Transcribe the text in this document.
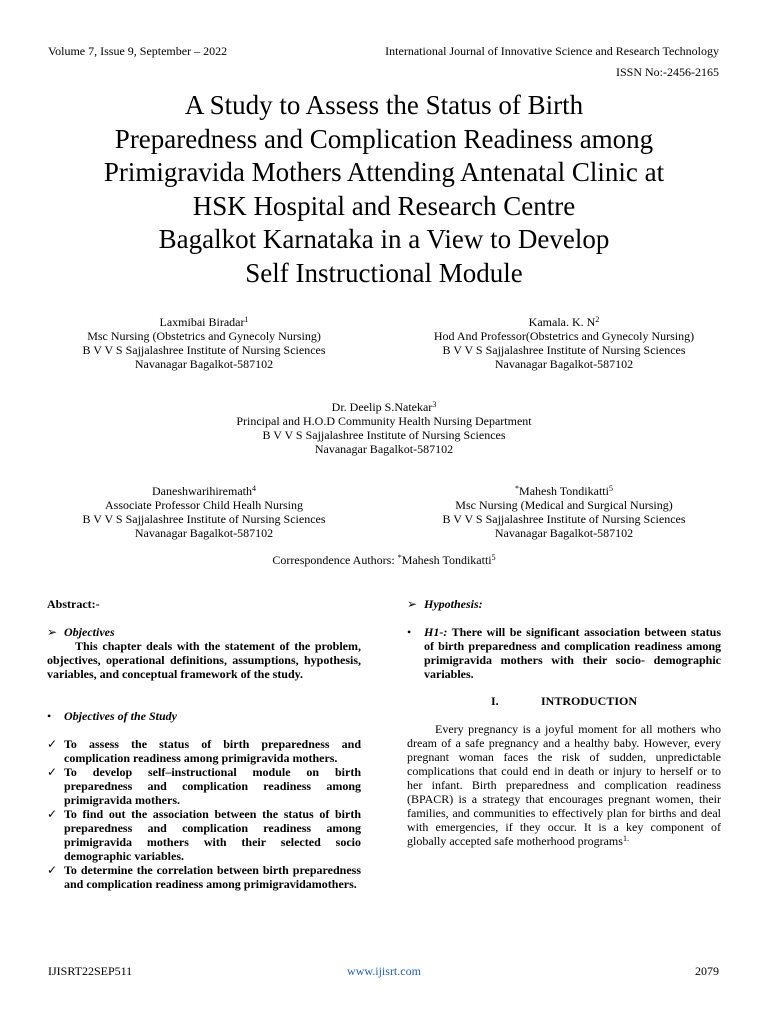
Volume 7, Issue 9, September – 2022	International Journal of Innovative Science and Research Technology
ISSN No:-2456-2165
A Study to Assess the Status of Birth
Preparedness and Complication Readiness among
Primigravida Mothers Attending Antenatal Clinic at
HSK Hospital and Research Centre
Bagalkot Karnataka in a View to Develop
Self Instructional Module
Laxmibai Biradar$^1$
Msc Nursing (Obstetrics and Gynecoly Nursing)
B V V S Sajjalashree Institute of Nursing Sciences
Navanagar Bagalkot-587102
Kamala. K. $N^2$
Hod And Professor(Obstetrics and Gynecoly Nursing)
B V V S Sajjalashree Institute of Nursing Sciences
Navanagar Bagalkot-587102
Dr. Deelip S.Natekar$^3$
Principal and H.O.D Community Health Nursing Department
B V V S Sajjalashree Institute of Nursing Sciences
Navanagar Bagalkot-587102
Daneshwarihiremath$^4$
Associate Professor Child Healh Nursing
B V V S Sajjalashree Institute of Nursing Sciences
Navanagar Bagalkot-587102
*Mahesh Tondikatti$^5$
Msc Nursing (Medical and Surgical Nursing)
B V V S Sajjalashree Institute of Nursing Sciences
Navanagar Bagalkot-587102
Correspondence Authors: *Mahesh Tondikatti$^5$
Abstract:-
➢ Objectives
This chapter deals with the statement of the problem, objectives, operational definitions, assumptions, hypothesis, variables, and conceptual framework of the study.
• Objectives of the Study
✓ To assess the status of birth preparedness and complication readiness among primigravida mothers.
✓ To develop self–instructional module on birth preparedness and complication readiness among primigravida mothers.
✓ To find out the association between the status of birth preparedness and complication readiness among primigravida mothers with their selected socio demographic variables.
✓ To determine the correlation between birth preparedness and complication readiness among primigravidamothers.
➢ Hypothesis:
•	H1-: There will be significant association between status of birth preparedness and complication readiness among primigravida mothers with their socio- demographic variables.
I.	INTRODUCTION
Every pregnancy is a joyful moment for all mothers who dream of a safe pregnancy and a healthy baby. However, every pregnant woman faces the risk of sudden, unpredictable complications that could end in death or injury to herself or to her infant. Birth preparedness and complication readiness (BPACR) is a strategy that encourages pregnant women, their families, and communities to effectively plan for births and deal with emergencies, if they occur. It is a key component of globally accepted safe motherhood programs$^{1.}$
IJISRT22SEP511	www.ijisrt.com	2079
